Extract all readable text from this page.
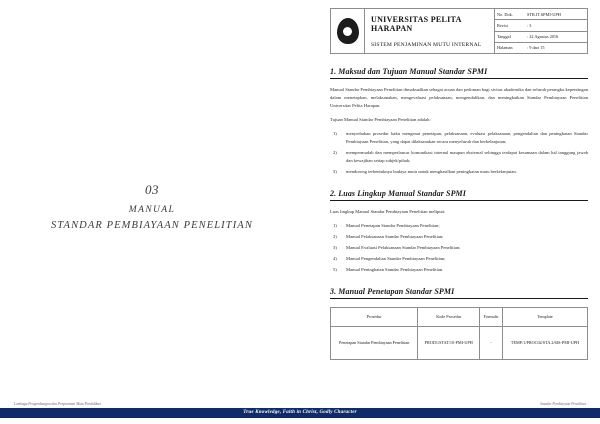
03
MANUAL
STANDAR PEMBIAYAAN PENELITIAN
UNIVERSITAS PELITA HARAPAN
SISTEM PENJAMINAN MUTU INTERNAL
No. Dok.	STR.IT.SPMI-UPH
Revisi	: 3
Tanggal	: 22 Agustus 2016
Halaman	: 9 dari 15
1. Maksud dan Tujuan Manual Standar SPMI

Manual Standar Pembiayaan Penelitian dimaksudkan sebagai acuan dan pedoman bagi sivitas akademika dan seluruh perangku kepentingan dalam menetapkan, melaksanakan, mengevaluasi pelaksanaan, mengendalikan, dan meningkatkan Standar Pembiayaan Penelitian Universitas Pelita Harapan.

Tujuan Manual Standar Pembiayaan Penelitian adalah:

menyediakan prosedur baku mengenai penetapan, pelaksanaan, evaluasi pelaksanaan, pengendalian dan peningkatan Standar Pembiayaan Penelitian, yang dapat dilaksanakan secara menyeluruh dan berkelanjutan;
mempermudah dan memperlancar komunikasi internal maupun eksternal sehingga terdapat kesamaan dalam hal tanggung jawab dan kewajiban setiap subjek/pihak;
mendorong terbentuknya budaya mutu untuk menghasilkan peningkatan mutu berkelanjutan.
2. Luas Lingkup Manual Standar SPMI

Luas lingkup Manual Standar Pembiayaan Penelitian meliputi:

Manual Penetapan Standar Pembiayaan Penelitian;
Manual Pelaksanaan Standar Pembiayaan Penelitian;
Manual Evaluasi Pelaksanaan Standar Pembiayaan Penelitian;
Manual Pengendalian Standar Pembiayaan Penelitian;
Manual Peningkatan Standar Pembiayaan Penelitian.
3. Manual Penetapan Standar SPMI
Prosedur	Kode Prosedur	Formulir	Template
Penetapan Standar Pembiayaan Penelitian	PROD1/STAT/10-PMI-UPH	-	TEMP/1/PROC02/STA.2/6IS-PMI-UPH
Lembaga Pengembangan dan Penjaminan Mutu Pendidikan	Standar Pembiayaan Penelitian
True Knowledge, Faith in Christ, Godly Character
